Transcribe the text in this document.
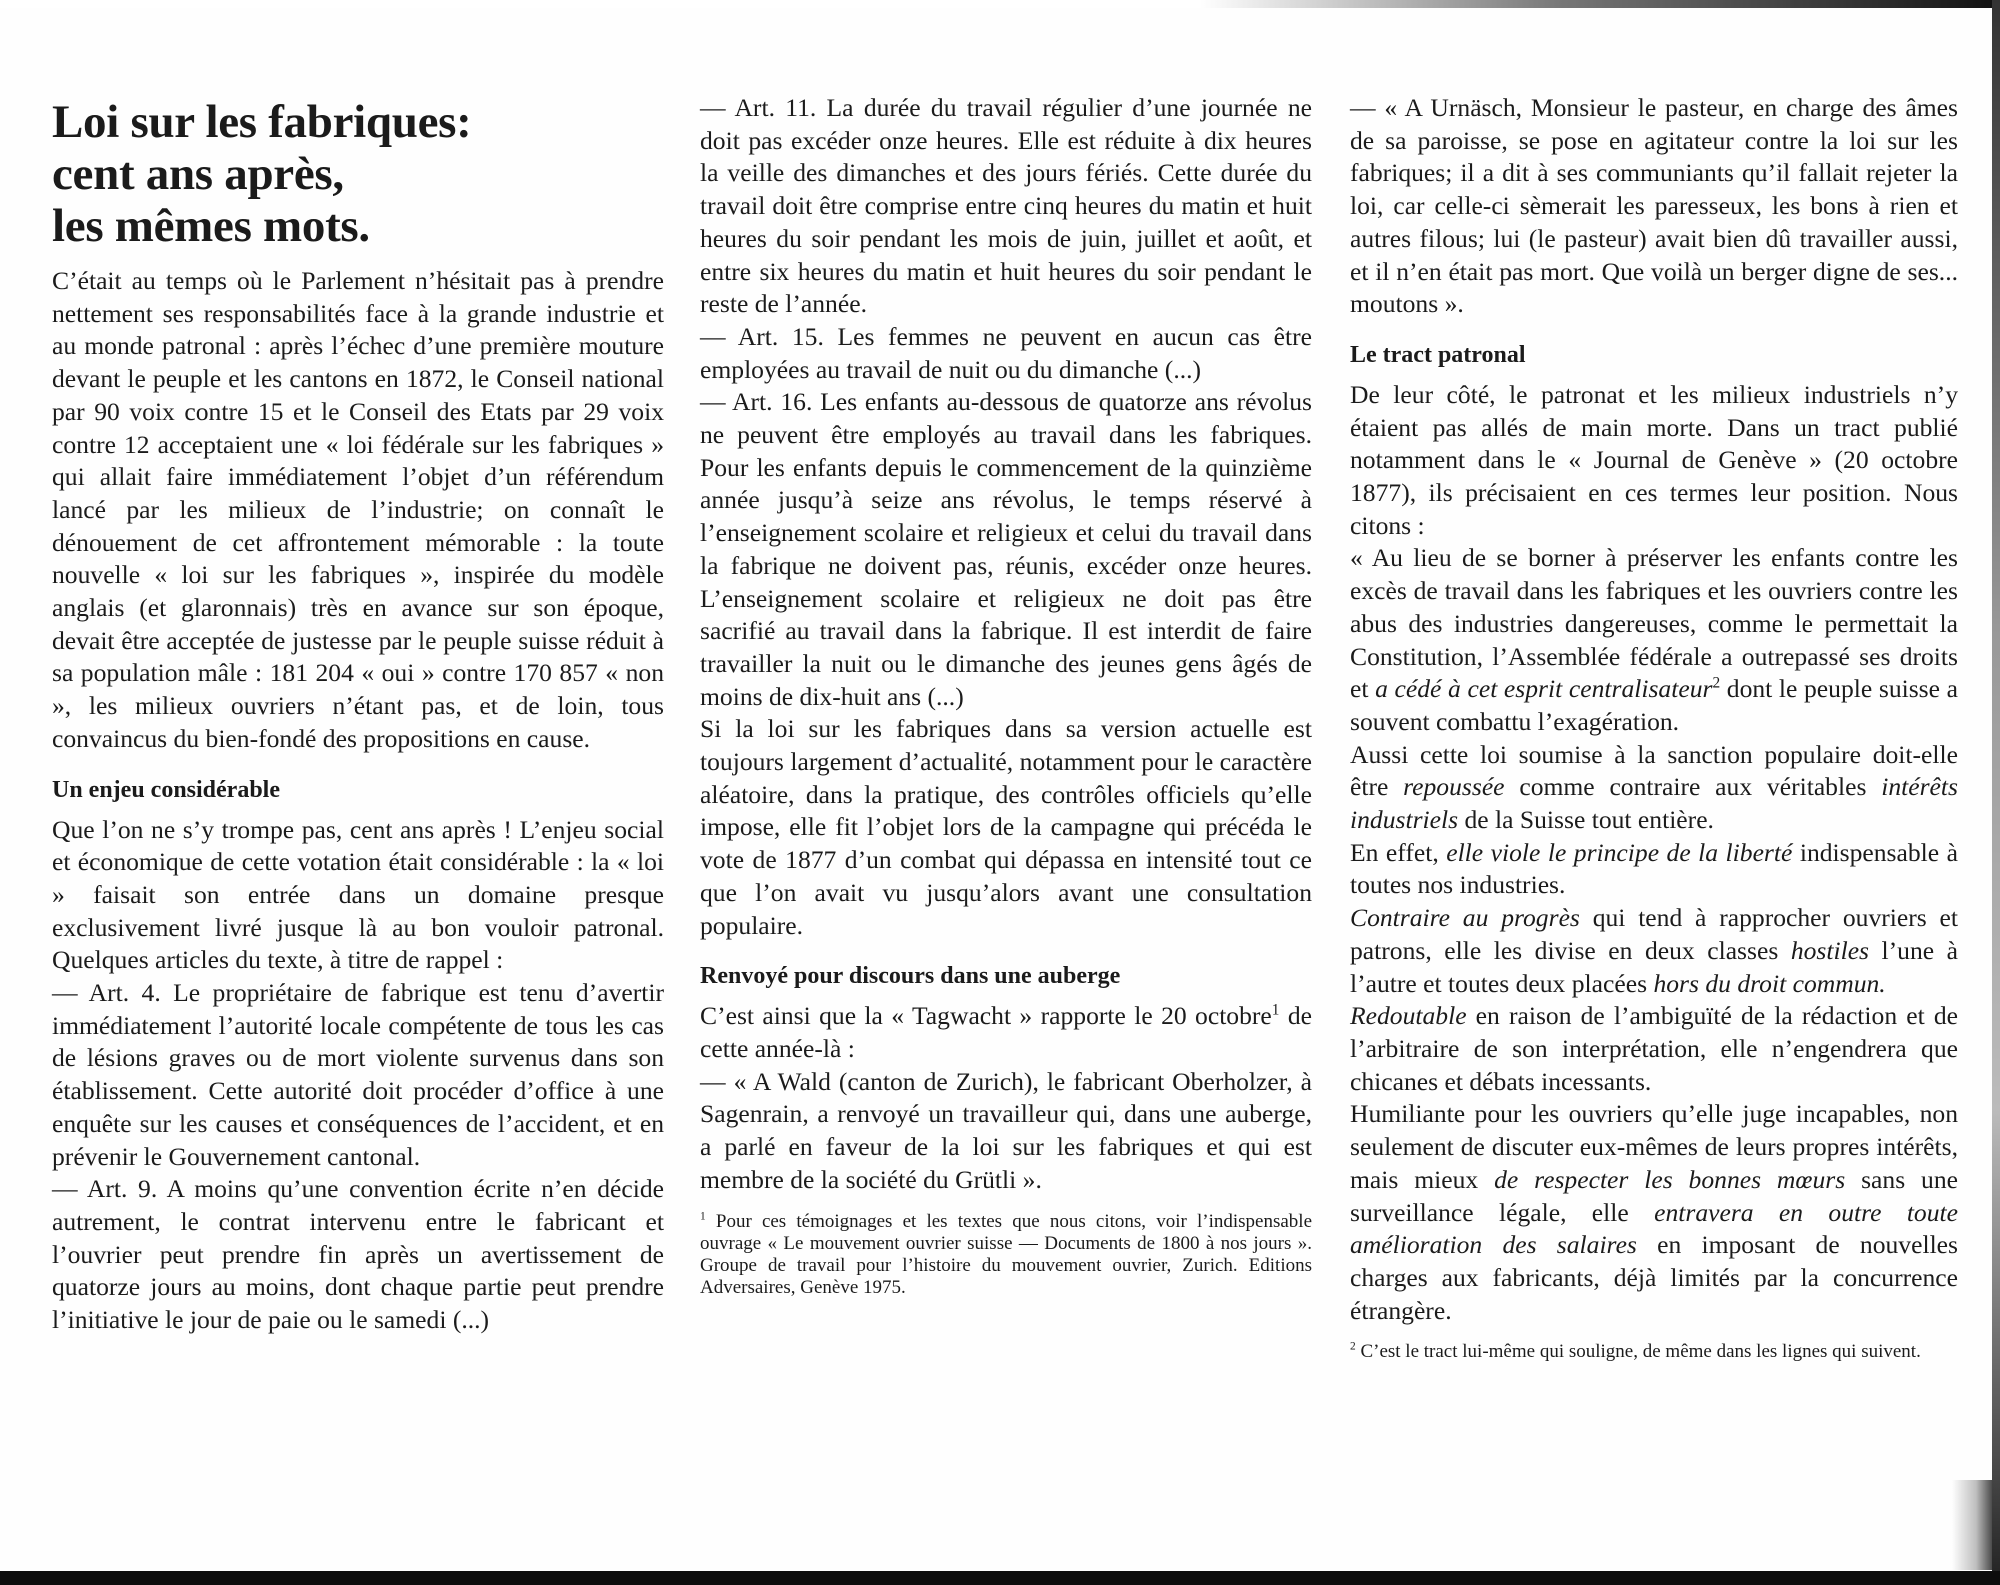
Loi sur les fabriques:
cent ans après,
les mêmes mots.

C’était au temps où le Parlement n’hésitait pas à prendre nettement ses responsabilités face à la grande industrie et au monde patronal : après l’échec d’une première mouture devant le peuple et les cantons en 1872, le Conseil national par 90 voix contre 15 et le Conseil des Etats par 29 voix contre 12 acceptaient une « loi fédérale sur les fabriques » qui allait faire immédiatement l’objet d’un référendum lancé par les milieux de l’industrie; on connaît le dénouement de cet affrontement mémorable : la toute nouvelle « loi sur les fabriques », inspirée du modèle anglais (et glaronnais) très en avance sur son époque, devait être acceptée de justesse par le peuple suisse réduit à sa population mâle : 181 204 « oui » contre 170 857 « non », les milieux ouvriers n’étant pas, et de loin, tous convaincus du bien-fondé des propositions en cause.

Un enjeu considérable

Que l’on ne s’y trompe pas, cent ans après ! L’enjeu social et économique de cette votation était considérable : la « loi » faisait son entrée dans un domaine presque exclusivement livré jusque là au bon vouloir patronal. Quelques articles du texte, à titre de rappel :

— Art. 4. Le propriétaire de fabrique est tenu d’avertir immédiatement l’autorité locale compétente de tous les cas de lésions graves ou de mort violente survenus dans son établissement. Cette autorité doit procéder d’office à une enquête sur les causes et conséquences de l’accident, et en prévenir le Gouvernement cantonal.

— Art. 9. A moins qu’une convention écrite n’en décide autrement, le contrat intervenu entre le fabricant et l’ouvrier peut prendre fin après un avertissement de quatorze jours au moins, dont chaque partie peut prendre l’initiative le jour de paie ou le samedi (...)

— Art. 11. La durée du travail régulier d’une journée ne doit pas excéder onze heures. Elle est réduite à dix heures la veille des dimanches et des jours fériés. Cette durée du travail doit être comprise entre cinq heures du matin et huit heures du soir pendant les mois de juin, juillet et août, et entre six heures du matin et huit heures du soir pendant le reste de l’année.

— Art. 15. Les femmes ne peuvent en aucun cas être employées au travail de nuit ou du dimanche (...)

— Art. 16. Les enfants au-dessous de quatorze ans révolus ne peuvent être employés au travail dans les fabriques. Pour les enfants depuis le commencement de la quinzième année jusqu’à seize ans révolus, le temps réservé à l’enseignement scolaire et religieux et celui du travail dans la fabrique ne doivent pas, réunis, excéder onze heures. L’enseignement scolaire et religieux ne doit pas être sacrifié au travail dans la fabrique. Il est interdit de faire travailler la nuit ou le dimanche des jeunes gens âgés de moins de dix-huit ans (...)

Si la loi sur les fabriques dans sa version actuelle est toujours largement d’actualité, notamment pour le caractère aléatoire, dans la pratique, des contrôles officiels qu’elle impose, elle fit l’objet lors de la campagne qui précéda le vote de 1877 d’un combat qui dépassa en intensité tout ce que l’on avait vu jusqu’alors avant une consultation populaire.

Renvoyé pour discours dans une auberge

C’est ainsi que la « Tagwacht » rapporte le 20 octobre$^1$ de cette année-là :

— « A Wald (canton de Zurich), le fabricant Oberholzer, à Sagenrain, a renvoyé un travailleur qui, dans une auberge, a parlé en faveur de la loi sur les fabriques et qui est membre de la société du Grütli ».

$^1$ Pour ces témoignages et les textes que nous citons, voir l’indispensable ouvrage « Le mouvement ouvrier suisse — Documents de 1800 à nos jours ». Groupe de travail pour l’histoire du mouvement ouvrier, Zurich. Editions Adversaires, Genève 1975.

— « A Urnäsch, Monsieur le pasteur, en charge des âmes de sa paroisse, se pose en agitateur contre la loi sur les fabriques; il a dit à ses communiants qu’il fallait rejeter la loi, car celle-ci sèmerait les paresseux, les bons à rien et autres filous; lui (le pasteur) avait bien dû travailler aussi, et il n’en était pas mort. Que voilà un berger digne de ses... moutons ».

Le tract patronal

De leur côté, le patronat et les milieux industriels n’y étaient pas allés de main morte. Dans un tract publié notamment dans le « Journal de Genève » (20 octobre 1877), ils précisaient en ces termes leur position. Nous citons :

« Au lieu de se borner à préserver les enfants contre les excès de travail dans les fabriques et les ouvriers contre les abus des industries dangereuses, comme le permettait la Constitution, l’Assemblée fédérale a outrepassé ses droits et a cédé à cet esprit centralisateur$^2$ dont le peuple suisse a souvent combattu l’exagération.

Aussi cette loi soumise à la sanction populaire doit-elle être repoussée comme contraire aux véritables intérêts industriels de la Suisse tout entière.

En effet, elle viole le principe de la liberté indispensable à toutes nos industries.

Contraire au progrès qui tend à rapprocher ouvriers et patrons, elle les divise en deux classes hostiles l’une à l’autre et toutes deux placées hors du droit commun.

Redoutable en raison de l’ambiguïté de la rédaction et de l’arbitraire de son interprétation, elle n’engendrera que chicanes et débats incessants.

Humiliante pour les ouvriers qu’elle juge incapables, non seulement de discuter eux-mêmes de leurs propres intérêts, mais mieux de respecter les bonnes mœurs sans une surveillance légale, elle entravera en outre toute amélioration des salaires en imposant de nouvelles charges aux fabricants, déjà limités par la concurrence étrangère.

$^2$ C’est le tract lui-même qui souligne, de même dans les lignes qui suivent.
